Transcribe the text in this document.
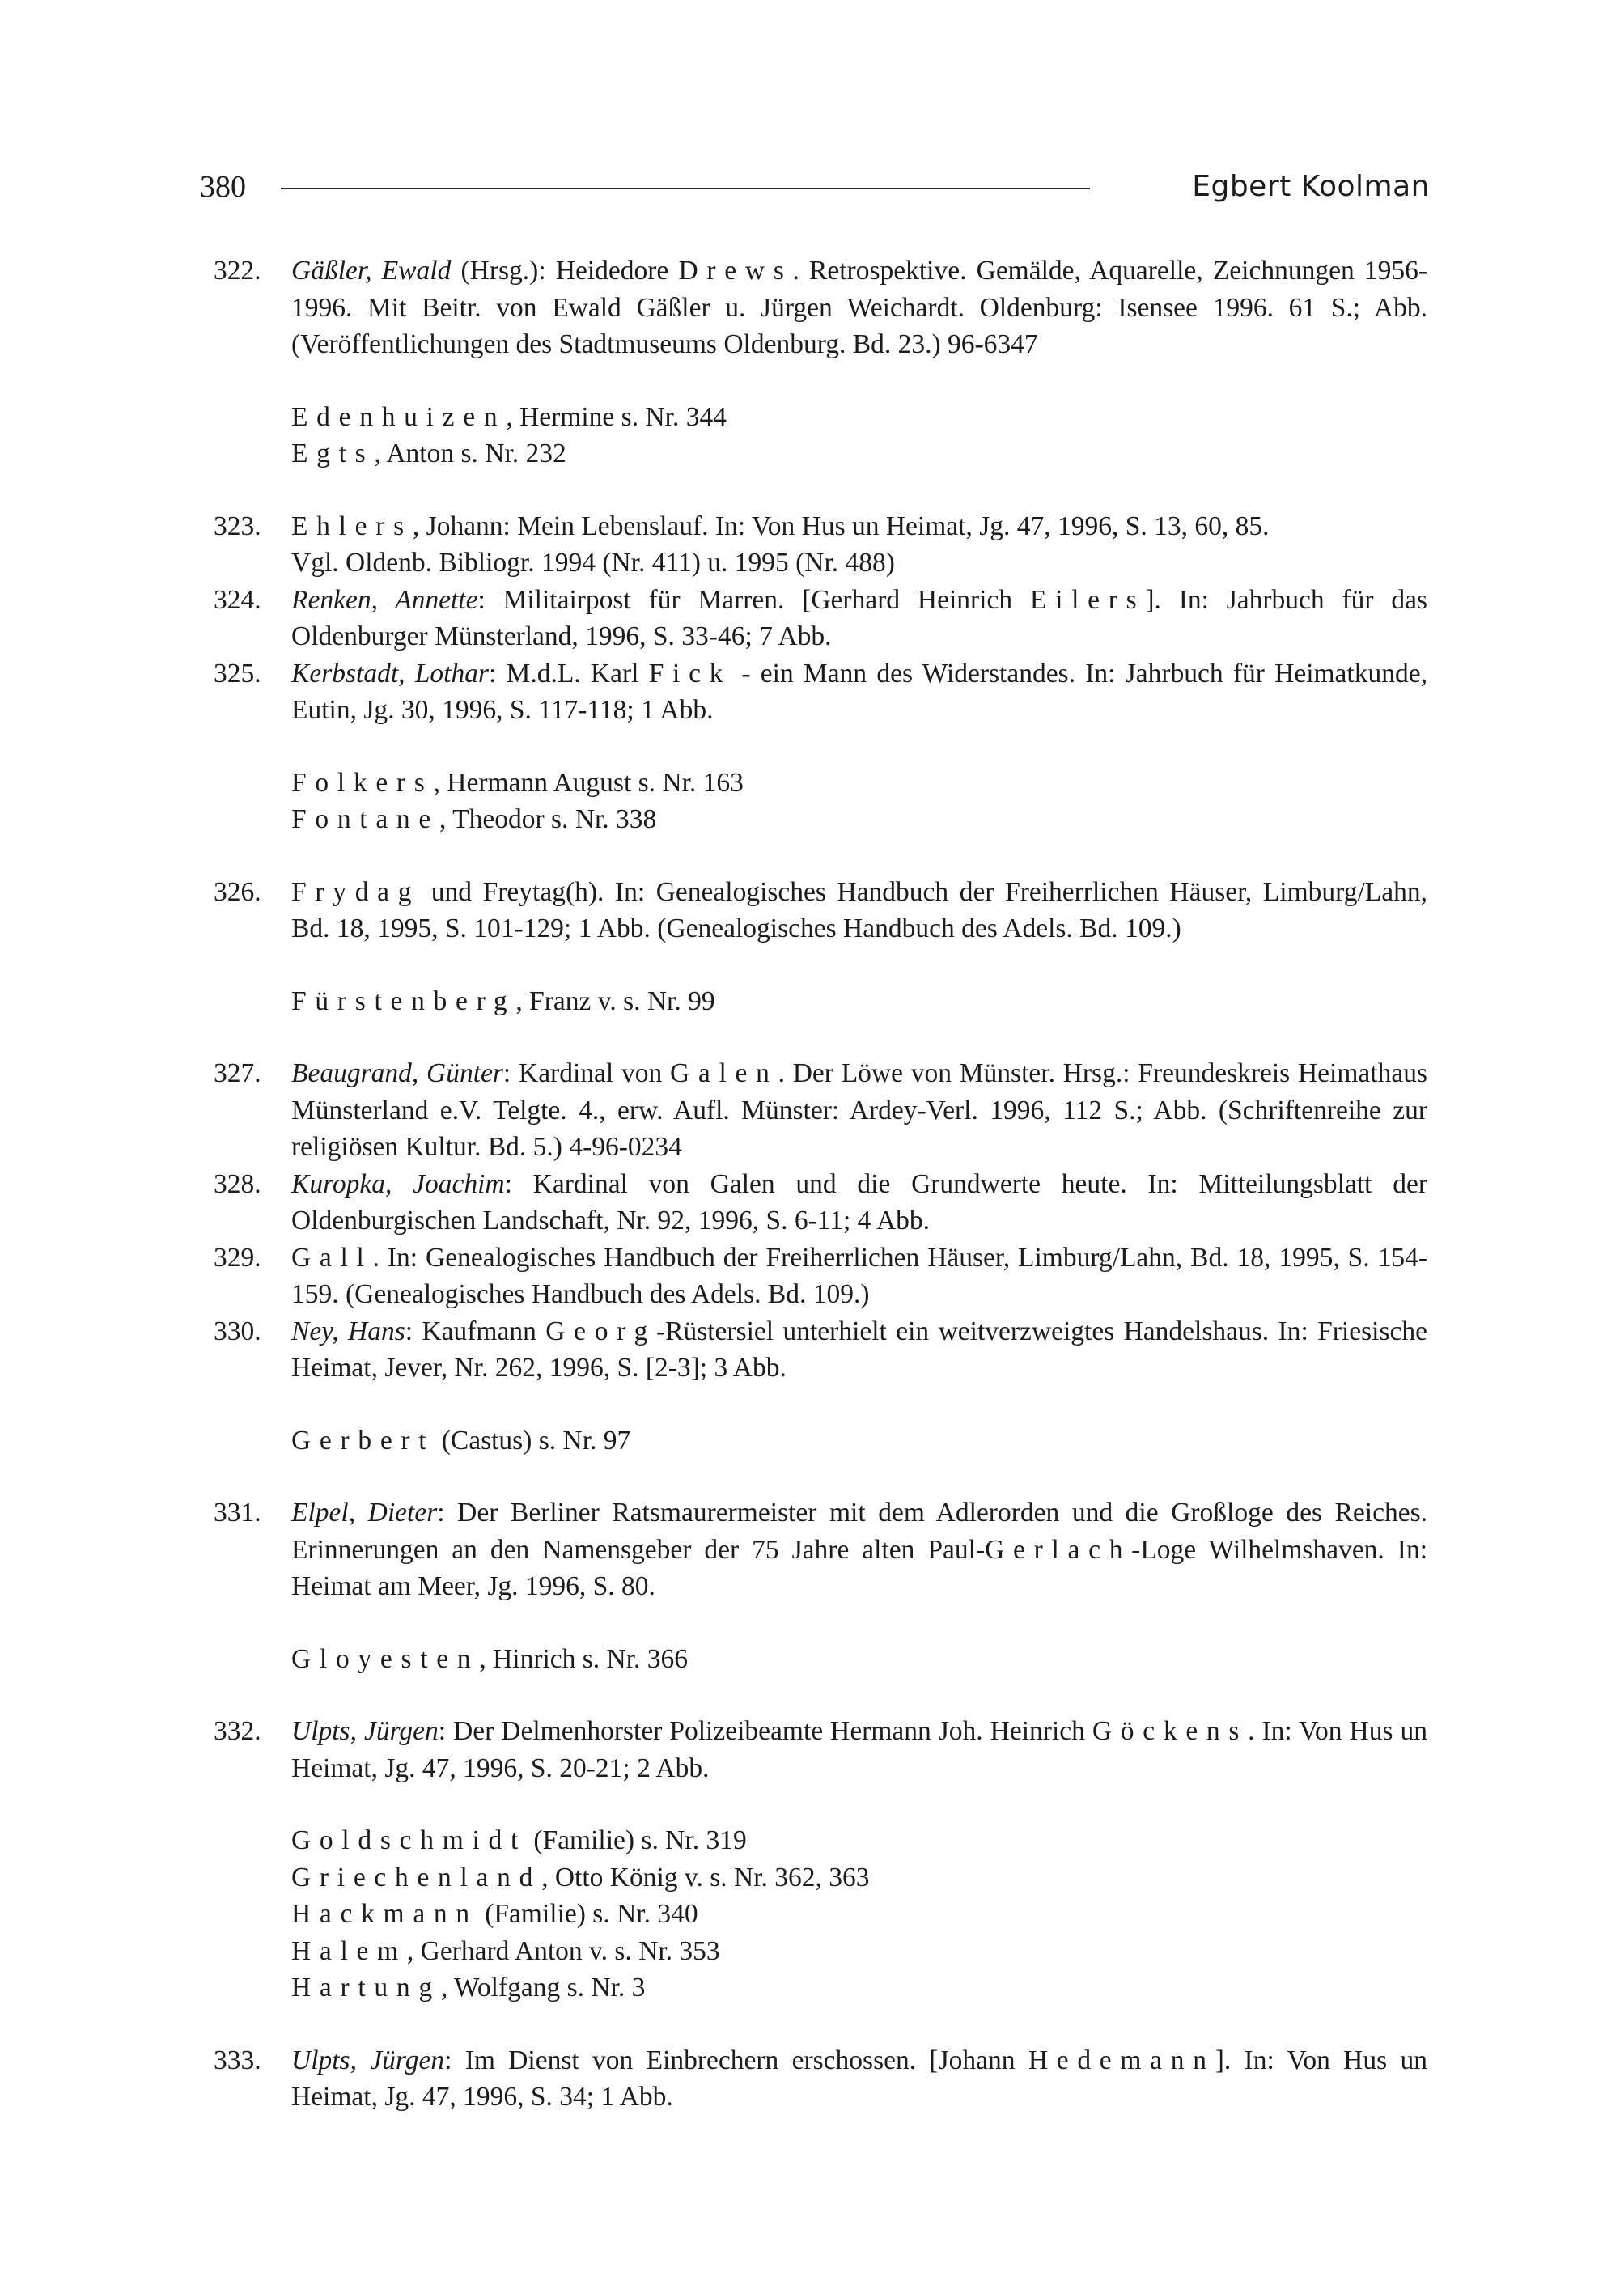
380	Egbert Koolman
322. Gäßler, Ewald (Hrsg.): Heidedore Drews. Retrospektive. Gemälde, Aquarelle, Zeichnungen 1956-1996. Mit Beitr. von Ewald Gäßler u. Jürgen Weichardt. Oldenburg: Isensee 1996. 61 S.; Abb. (Veröffentlichungen des Stadtmuseums Oldenburg. Bd. 23.) 96-6347
Edenhuizen, Hermine s. Nr. 344
Egts, Anton s. Nr. 232
323. Ehlers, Johann: Mein Lebenslauf. In: Von Hus un Heimat, Jg. 47, 1996, S. 13, 60, 85.
Vgl. Oldenb. Bibliogr. 1994 (Nr. 411) u. 1995 (Nr. 488)
324. Renken, Annette: Militairpost für Marren. [Gerhard Heinrich Eilers]. In: Jahrbuch für das Oldenburger Münsterland, 1996, S. 33-46; 7 Abb.
325. Kerbstadt, Lothar: M.d.L. Karl Fick - ein Mann des Widerstandes. In: Jahrbuch für Heimatkunde, Eutin, Jg. 30, 1996, S. 117-118; 1 Abb.
Folkers, Hermann August s. Nr. 163
Fontane, Theodor s. Nr. 338
326. Frydag und Freytag(h). In: Genealogisches Handbuch der Freiherrlichen Häuser, Limburg/Lahn, Bd. 18, 1995, S. 101-129; 1 Abb. (Genealogisches Handbuch des Adels. Bd. 109.)
Fürstenberg, Franz v. s. Nr. 99
327. Beaugrand, Günter: Kardinal von Galen. Der Löwe von Münster. Hrsg.: Freundeskreis Heimathaus Münsterland e.V. Telgte. 4., erw. Aufl. Münster: Ardey-Verl. 1996, 112 S.; Abb. (Schriftenreihe zur religiösen Kultur. Bd. 5.) 4-96-0234
328. Kuropka, Joachim: Kardinal von Galen und die Grundwerte heute. In: Mitteilungsblatt der Oldenburgischen Landschaft, Nr. 92, 1996, S. 6-11; 4 Abb.
329. Gall. In: Genealogisches Handbuch der Freiherrlichen Häuser, Limburg/Lahn, Bd. 18, 1995, S. 154-159. (Genealogisches Handbuch des Adels. Bd. 109.)
330. Ney, Hans: Kaufmann Georg-Rüstersiel unterhielt ein weitverzweigtes Handelshaus. In: Friesische Heimat, Jever, Nr. 262, 1996, S. [2-3]; 3 Abb.
Gerbert (Castus) s. Nr. 97
331. Elpel, Dieter: Der Berliner Ratsmaurermeister mit dem Adlerorden und die Großloge des Reiches. Erinnerungen an den Namensgeber der 75 Jahre alten Paul-Gerlach-Loge Wilhelmshaven. In: Heimat am Meer, Jg. 1996, S. 80.
Gloyesten, Hinrich s. Nr. 366
332. Ulpts, Jürgen: Der Delmenhorster Polizeibeamte Hermann Joh. Heinrich Göckens. In: Von Hus un Heimat, Jg. 47, 1996, S. 20-21; 2 Abb.
Goldschmidt (Familie) s. Nr. 319
Griechenland, Otto König v. s. Nr. 362, 363
Hackmann (Familie) s. Nr. 340
Halem, Gerhard Anton v. s. Nr. 353
Hartung, Wolfgang s. Nr. 3
333. Ulpts, Jürgen: Im Dienst von Einbrechern erschossen. [Johann Hedemann]. In: Von Hus un Heimat, Jg. 47, 1996, S. 34; 1 Abb.
